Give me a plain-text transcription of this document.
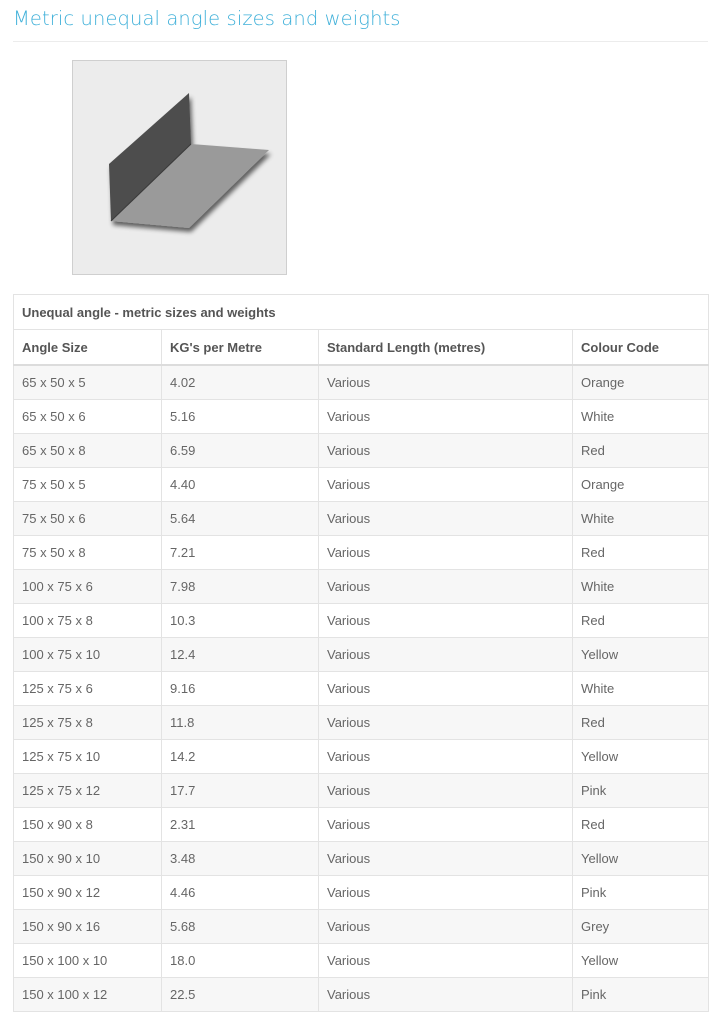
Metric unequal angle sizes and weights
Unequal angle - metric sizes and weights			
Angle Size	KG's per Metre	Standard Length (metres)	Colour Code
65 x 50 x 5	4.02	Various	Orange
65 x 50 x 6	5.16	Various	White
65 x 50 x 8	6.59	Various	Red
75 x 50 x 5	4.40	Various	Orange
75 x 50 x 6	5.64	Various	White
75 x 50 x 8	7.21	Various	Red
100 x 75 x 6	7.98	Various	White
100 x 75 x 8	10.3	Various	Red
100 x 75 x 10	12.4	Various	Yellow
125 x 75 x 6	9.16	Various	White
125 x 75 x 8	11.8	Various	Red
125 x 75 x 10	14.2	Various	Yellow
125 x 75 x 12	17.7	Various	Pink
150 x 90 x 8	2.31	Various	Red
150 x 90 x 10	3.48	Various	Yellow
150 x 90 x 12	4.46	Various	Pink
150 x 90 x 16	5.68	Various	Grey
150 x 100 x 10	18.0	Various	Yellow
150 x 100 x 12	22.5	Various	Pink
